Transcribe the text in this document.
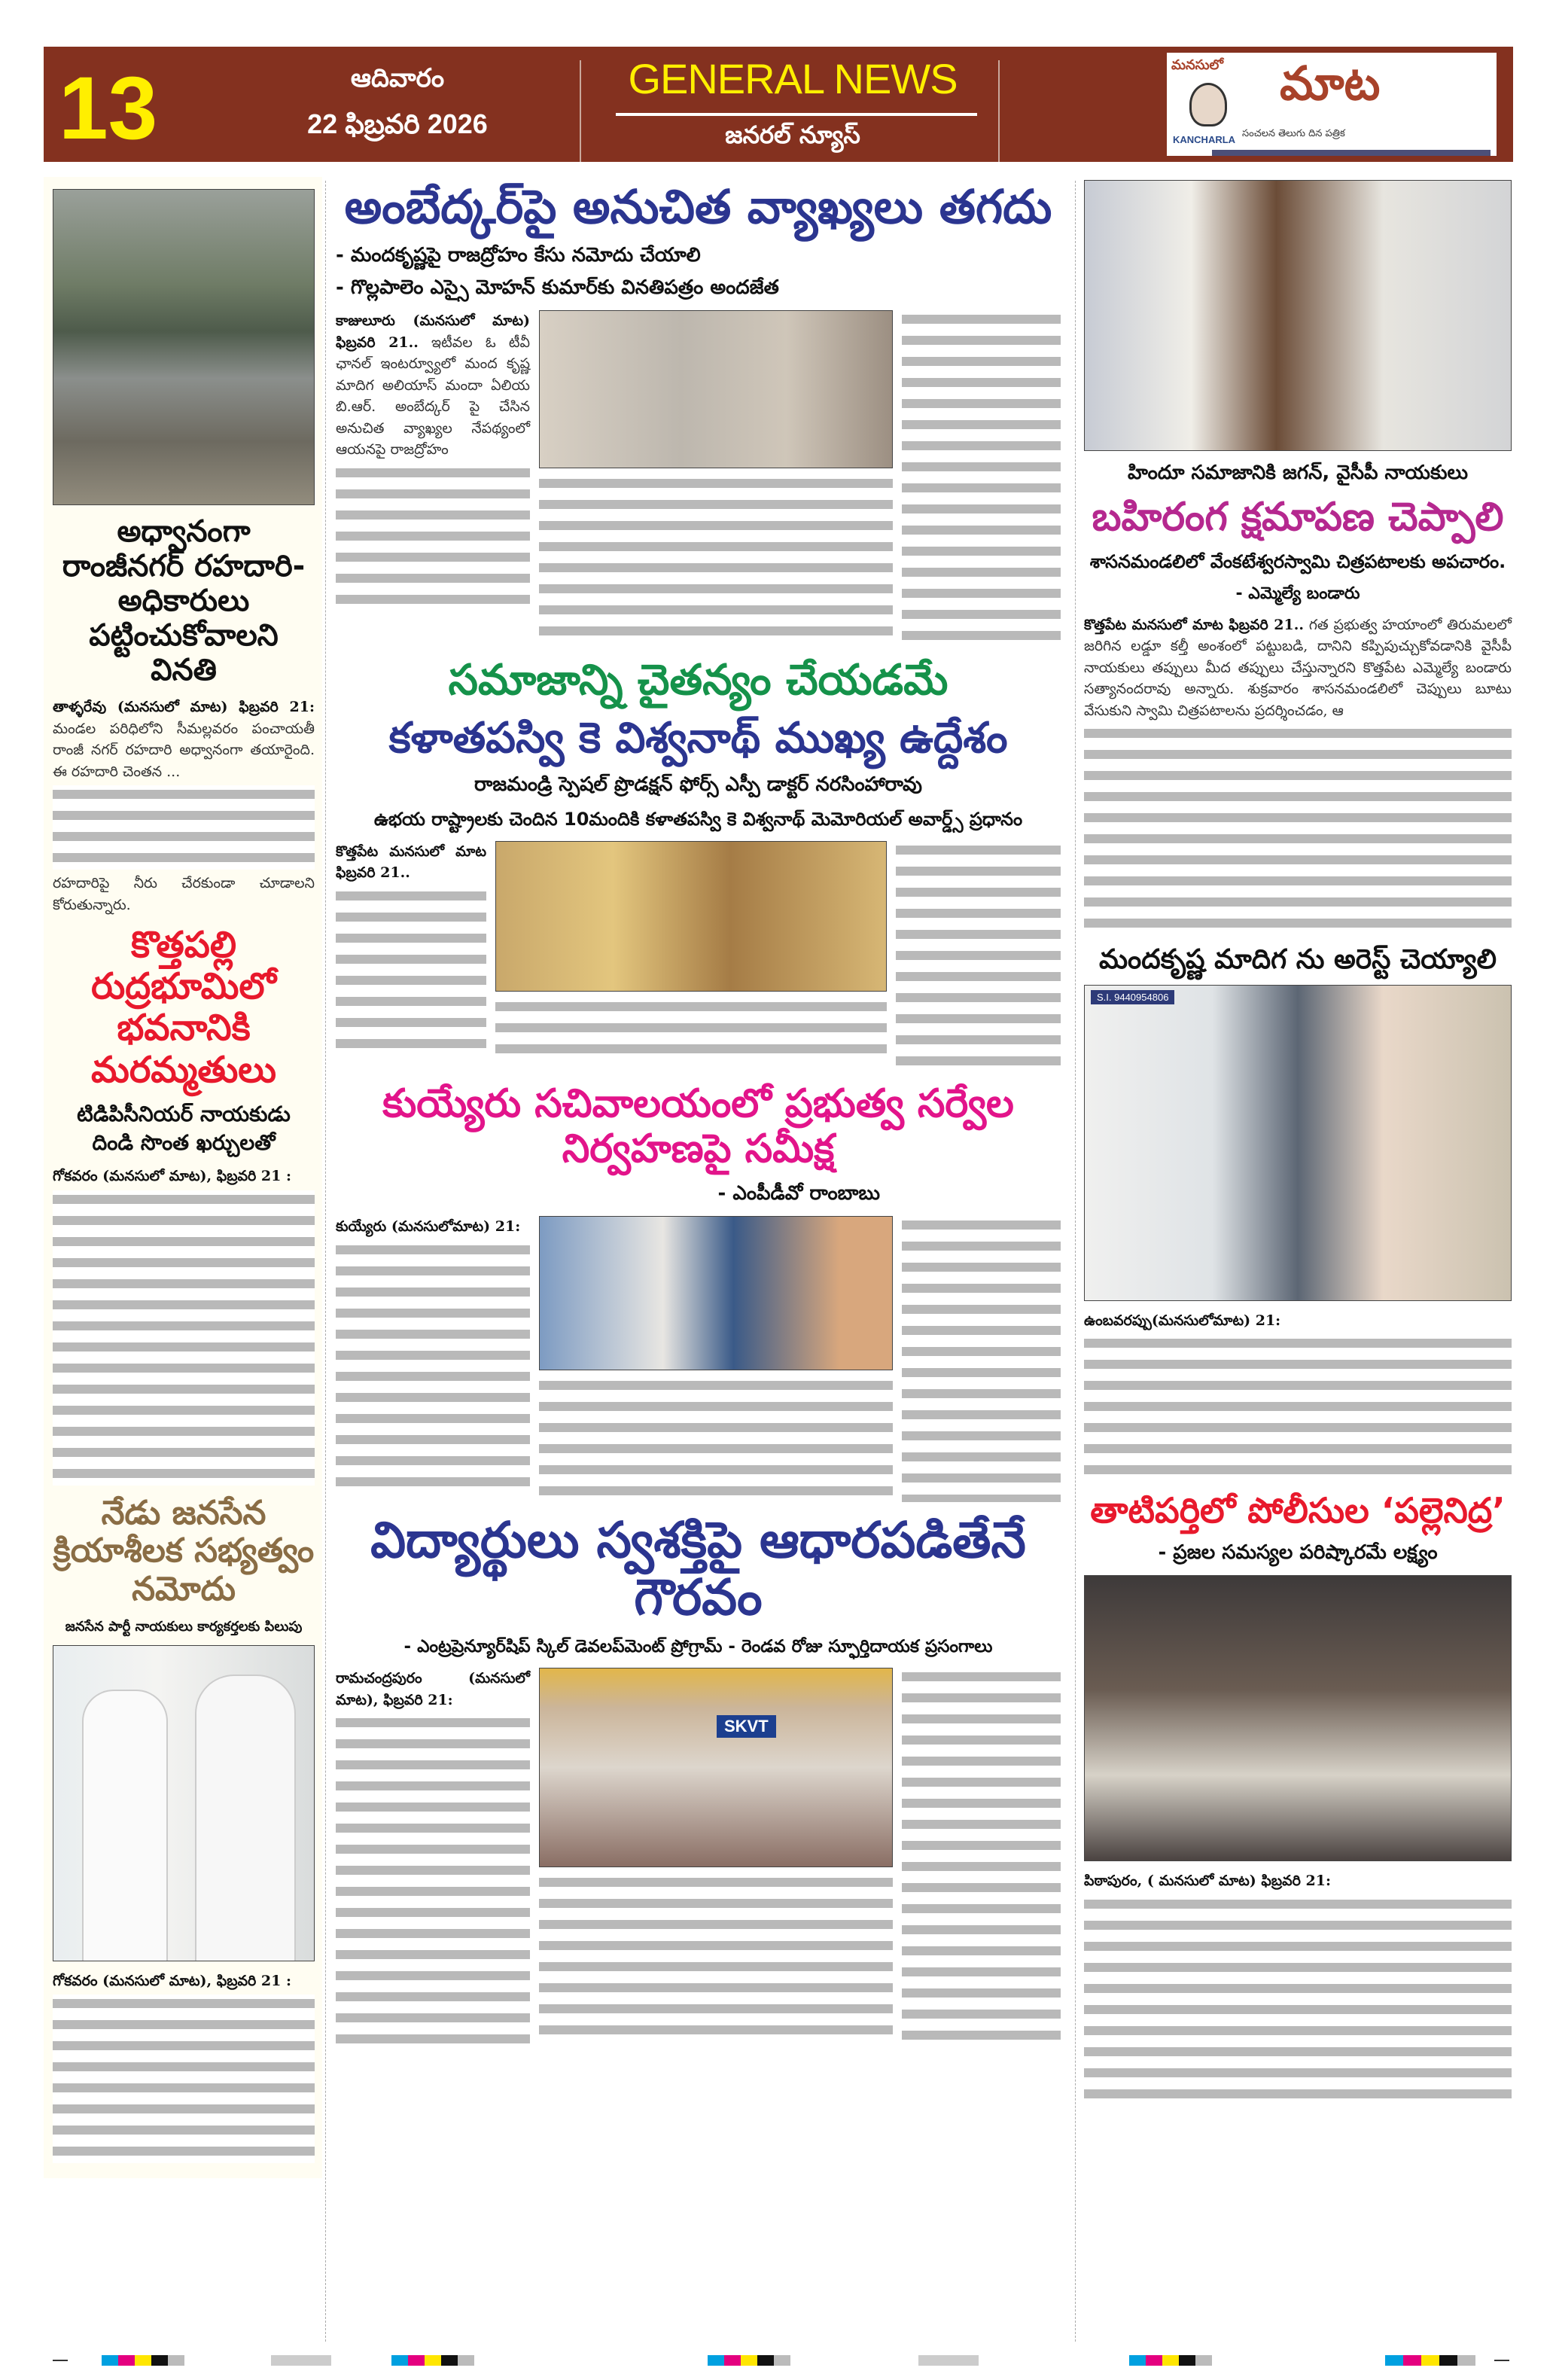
13	ఆదివారం
22 ఫిబ్రవరి 2026
GENERAL NEWS
జనరల్ న్యూస్
మనసులో మాట
KANCHARLA
సంచలన తెలుగు దిన పత్రిక
అధ్వానంగా రాంజీనగర్ రహదారి- అధికారులు పట్టించుకోవాలని వినతి
తాళ్ళరేవు (మనసులో మాట) ఫిబ్రవరి 21: మండల పరిధిలోని సీమల్లవరం పంచాయతీ రాంజీ నగర్ రహదారి అధ్వానంగా తయారైంది. ఈ రహదారి చెంతన ...
రహదారిపై నీరు చేరకుండా చూడాలని కోరుతున్నారు.
కొత్తపల్లి రుద్రభూమిలో భవనానికి మరమ్మతులు
టిడిపిసీనియర్ నాయకుడు దిండి సొంత ఖర్చులతో
గోకవరం (మనసులో మాట), ఫిబ్రవరి 21 :
నేడు జనసేన క్రియాశీలక సభ్యత్వం నమోదు
జనసేన పార్టీ నాయకులు కార్యకర్తలకు పిలుపు
గోకవరం (మనసులో మాట), ఫిబ్రవరి 21 :
అంబేద్కర్‌పై అనుచిత వ్యాఖ్యలు తగదు
- మందకృష్ణపై రాజద్రోహం కేసు నమోదు చేయాలి
- గొల్లపాలెం ఎస్సై మోహన్ కుమార్‌కు వినతిపత్రం అందజేత
కాజులూరు (మనసులో మాట) ఫిబ్రవరి 21.. ఇటీవల ఓ టీవీ ఛానల్ ఇంటర్వ్యూలో మంద కృష్ణ మాదిగ అలియాస్ మందా ఏలియ బి.ఆర్. అంబేద్కర్ పై చేసిన అనుచిత వ్యాఖ్యల నేపథ్యంలో ఆయనపై రాజద్రోహం
సమాజాన్ని చైతన్యం చేయడమే
కళాతపస్వి కె విశ్వనాథ్ ముఖ్య ఉద్దేశం
రాజమండ్రి స్పెషల్ ప్రొడక్షన్ ఫోర్స్ ఎస్పీ డాక్టర్ నరసింహారావు
ఉభయ రాష్ట్రాలకు చెందిన 10మందికి కళాతపస్వి కె విశ్వనాథ్ మెమోరియల్ అవార్డ్స్ ప్రధానం
కొత్తపేట మనసులో మాట ఫిబ్రవరి 21..
కుయ్యేరు సచివాలయంలో ప్రభుత్వ సర్వేల నిర్వహణపై సమీక్ష
- ఎంపీడీవో రాంబాబు
కుయ్యేరు (మనసులోమాట) 21:
విద్యార్థులు స్వశక్తిపై ఆధారపడితేనే గౌరవం
- ఎంట్రప్రెన్యూర్‌షిప్ స్కిల్ డెవలప్‌మెంట్ ప్రోగ్రామ్ - రెండవ రోజు స్ఫూర్తిదాయక ప్రసంగాలు
రామచంద్రపురం (మనసులో మాట), ఫిబ్రవరి 21:
SKVT
హిందూ సమాజానికి జగన్, వైసీపీ నాయకులు
బహిరంగ క్షమాపణ చెప్పాలి
శాసనమండలిలో వేంకటేశ్వరస్వామి చిత్రపటాలకు అపచారం.
- ఎమ్మెల్యే బండారు
కొత్తపేట మనసులో మాట ఫిబ్రవరి 21.. గత ప్రభుత్వ హయాంలో తిరుమలలో జరిగిన లడ్డూ కల్తీ అంశంలో పట్టుబడి, దానిని కప్పిపుచ్చుకోవడానికి వైసీపీ నాయకులు తప్పులు మీద తప్పులు చేస్తున్నారని కొత్తపేట ఎమ్మెల్యే బండారు సత్యానందరావు అన్నారు. శుక్రవారం శాసనమండలిలో చెప్పులు బూటు వేసుకుని స్వామి చిత్రపటాలను ప్రదర్శించడం, ఆ
మందకృష్ణ మాదిగ ను అరెస్ట్ చెయ్యాలి
S.I. 9440954806
ఉంబవరప్పు(మనసులోమాట) 21:
తాటిపర్తిలో పోలీసుల ‘పల్లెనిద్ర’
- ప్రజల సమస్యల పరిష్కారమే లక్ష్యం
పిఠాపురం, ( మనసులో మాట) ఫిబ్రవరి 21:
